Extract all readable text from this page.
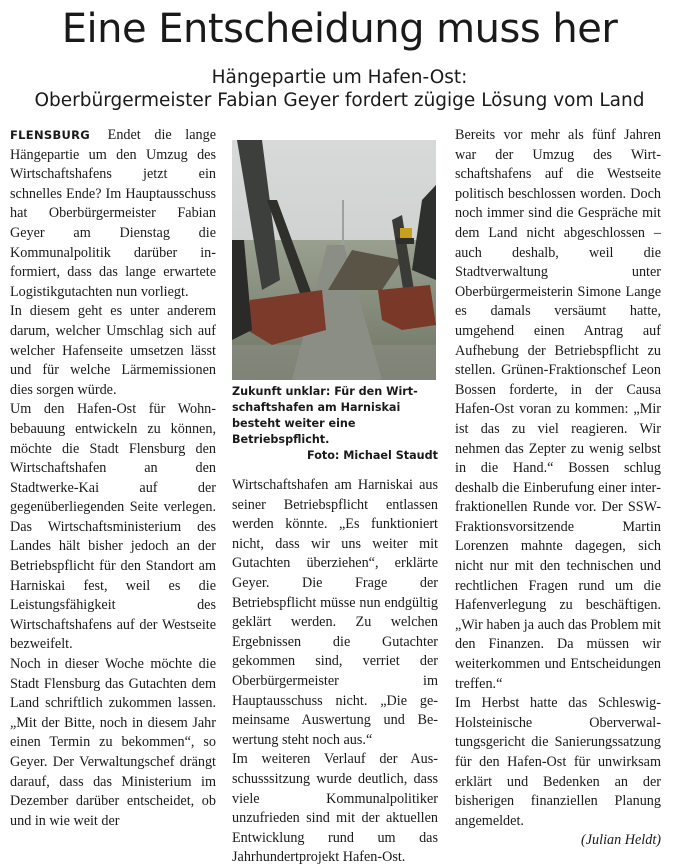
Eine Entscheidung muss her
Hängepartie um Hafen-Ost:
Oberbürgermeister Fabian Geyer fordert zügige Lösung vom Land

FLENSBURG Endet die lange Hängepartie um den Umzug des Wirtschaftshafens jetzt ein schnelles Ende? Im Hauptausschuss hat Oberbürgermeister Fabian Geyer am Dienstag die Kommunalpolitik darüber informiert, dass das lange erwartete Logistikgutachten nun vorliegt.

In diesem geht es unter anderem darum, welcher Umschlag sich auf welcher Hafenseite umsetzen lässt und für welche Lärmemissionen dies sorgen würde.

Um den Hafen-Ost für Wohnbebauung entwickeln zu können, möchte die Stadt Flensburg den Wirtschaftshafen an den Stadtwerke-Kai auf der gegenüberliegenden Seite verlegen. Das Wirtschaftsministerium des Landes hält bisher jedoch an der Betriebspflicht für den Standort am Harniskai fest, weil es die Leistungsfähigkeit des Wirtschaftshafens auf der Westseite bezweifelt.

Noch in dieser Woche möchte die Stadt Flensburg das Gutachten dem Land schriftlich zukommen lassen. „Mit der Bitte, noch in diesem Jahr einen Termin zu bekommen“, so Geyer. Der Verwaltungschef drängt darauf, dass das Ministerium im Dezember darüber entscheidet, ob und in wie weit der

Zukunft unklar: Für den Wirtschaftshafen am Harniskai besteht weiter eine Betriebspflicht.
Foto: Michael Staudt

Wirtschaftshafen am Harniskai aus seiner Betriebspflicht entlassen werden könnte. „Es funktioniert nicht, dass wir uns weiter mit Gutachten überziehen“, erklärte Geyer. Die Frage der Betriebspflicht müsse nun endgültig geklärt werden. Zu welchen Ergebnissen die Gutachter gekommen sind, verriet der Oberbürgermeister im Hauptausschuss nicht. „Die gemeinsame Auswertung und Bewertung steht noch aus.“

Im weiteren Verlauf der Ausschusssitzung wurde deutlich, dass viele Kommunalpolitiker unzufrieden sind mit der aktuellen Entwicklung rund um das Jahrhundertprojekt Hafen-Ost.

Bereits vor mehr als fünf Jahren war der Umzug des Wirtschaftshafens auf die Westseite politisch beschlossen worden. Doch noch immer sind die Gespräche mit dem Land nicht abgeschlossen – auch deshalb, weil die Stadtverwaltung unter Oberbürgermeisterin Simone Lange es damals versäumt hatte, umgehend einen Antrag auf Aufhebung der Betriebspflicht zu stellen. Grünen-Fraktionschef Leon Bossen forderte, in der Causa Hafen-Ost voran zu kommen: „Mir ist das zu viel reagieren. Wir nehmen das Zepter zu wenig selbst in die Hand.“ Bossen schlug deshalb die Einberufung einer interfraktionellen Runde vor. Der SSW-Fraktionsvorsitzende Martin Lorenzen mahnte dagegen, sich nicht nur mit den technischen und rechtlichen Fragen rund um die Hafenverlegung zu beschäftigen. „Wir haben ja auch das Problem mit den Finanzen. Da müssen wir weiterkommen und Entscheidungen treffen.“

Im Herbst hatte das Schleswig-Holsteinische Oberverwaltungsgericht die Sanierungssatzung für den Hafen-Ost für unwirksam erklärt und Bedenken an der bisherigen finanziellen Planung angemeldet.

(Julian Heldt)
